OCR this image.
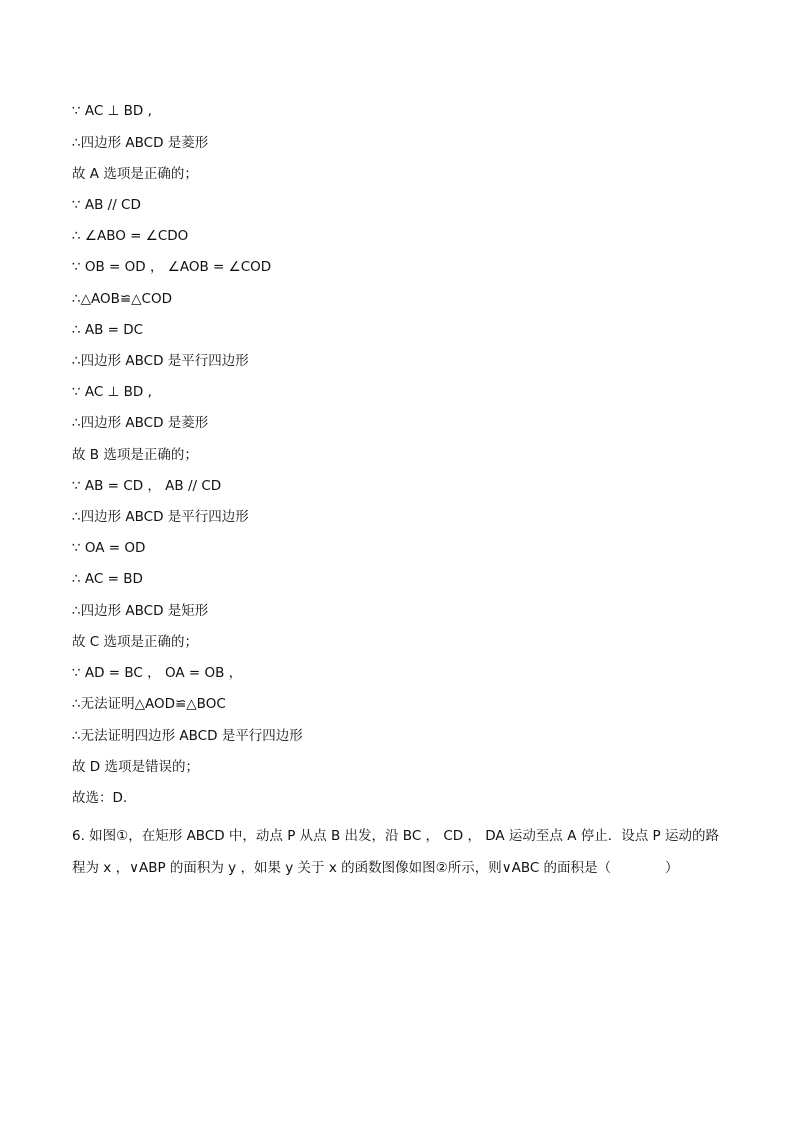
∵ AC ⊥ BD ,
∴四边形 ABCD 是菱形
故 A 选项是正确的；
∵ AB // CD
∴ ∠ABO = ∠CDO
∵ OB = OD ， ∠AOB = ∠COD
∴△AOB≌△COD
∴ AB = DC
∴四边形 ABCD 是平行四边形
∵ AC ⊥ BD ,
∴四边形 ABCD 是菱形
故 B 选项是正确的；
∵ AB = CD ， AB // CD
∴四边形 ABCD 是平行四边形
∵ OA = OD
∴ AC = BD
∴四边形 ABCD 是矩形
故 C 选项是正确的；
∵ AD = BC ， OA = OB ，
∴无法证明△AOD≌△BOC
∴无法证明四边形 ABCD 是平行四边形
故 D 选项是错误的；
故选：D.
6. 如图①，在矩形 ABCD 中，动点 P 从点 B 出发，沿 BC ， CD ， DA 运动至点 A 停止．设点 P 运动的路程为 x ，∨ABP 的面积为 y ，如果 y 关于 x 的函数图像如图②所示，则∨ABC 的面积是（　　　　）
